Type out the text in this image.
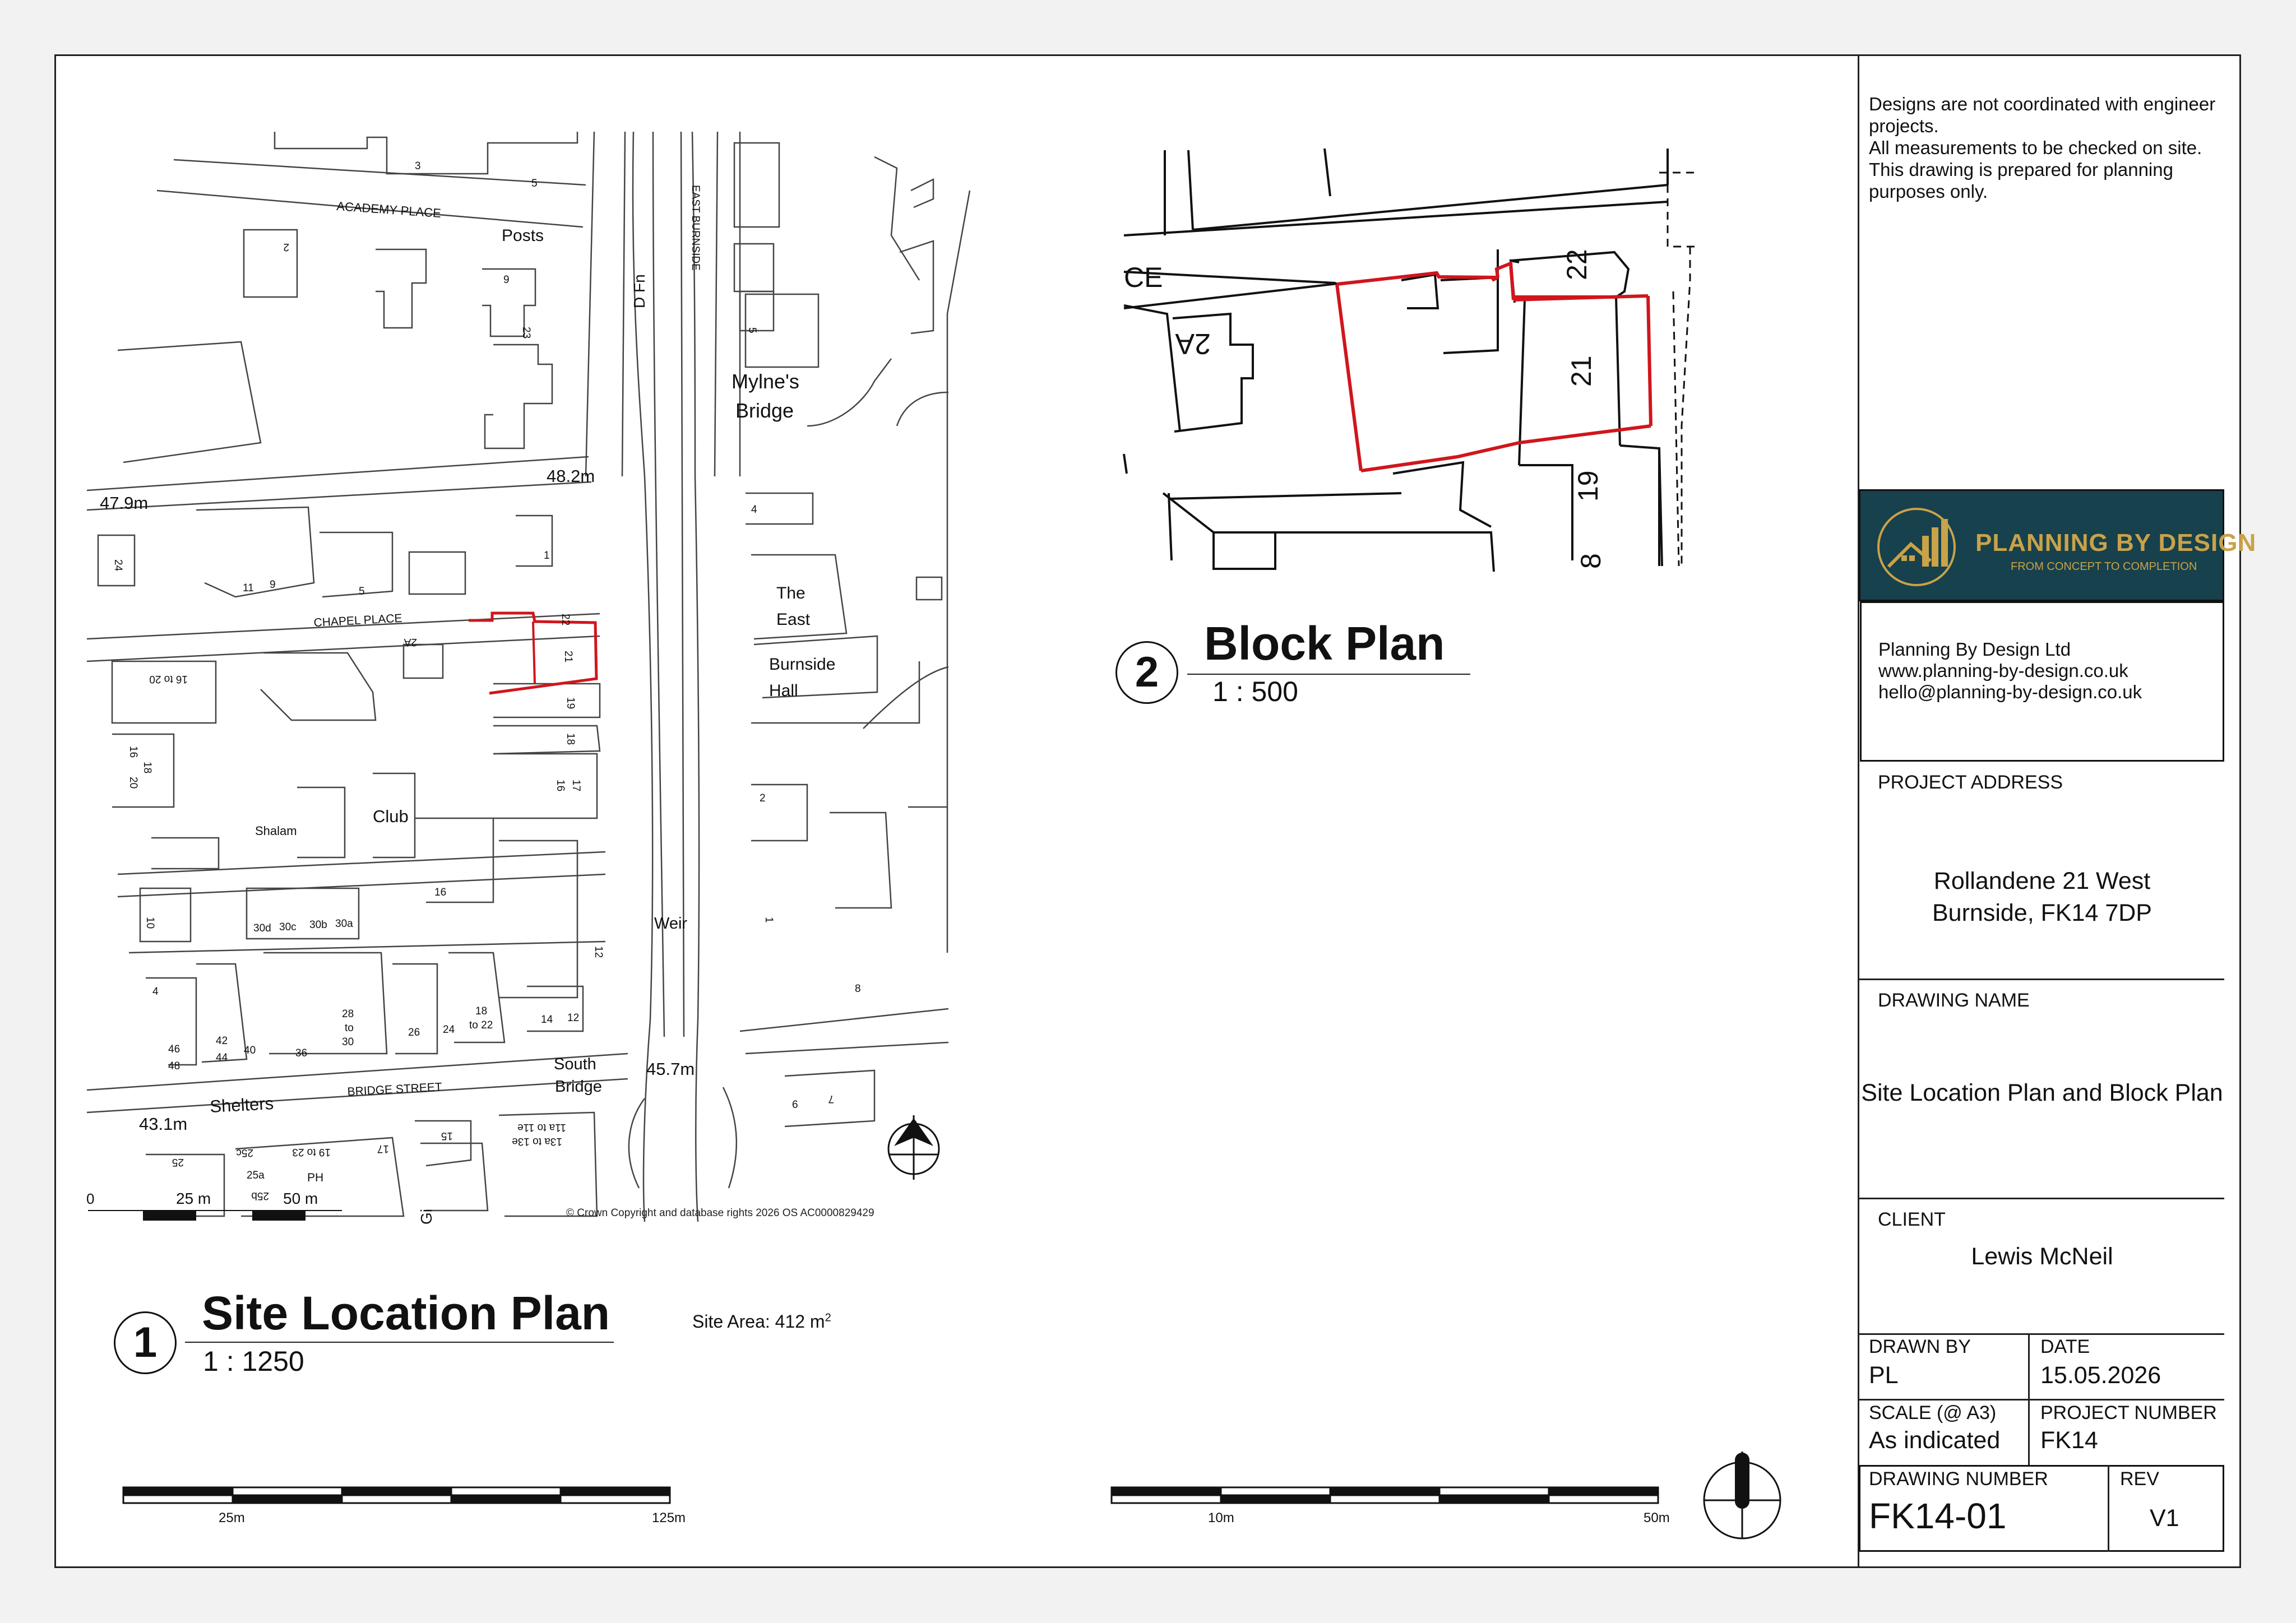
ACADEMY PLACE
Posts
D Fn
EAST BURNSIDE
Mylne's
Bridge
48.2m
47.9m
CHAPEL PLACE
The
East
Burnside
Hall
Club
Shalam
Weir
South
Bridge
45.7m
43.1m
Shelters
BRIDGE STREET
PH
Gi
3
5
2
9
23	5
24
11 9
5
1
4
22
16 to 20
2A
21
19
18
16 17
16
18
20
2
16
10	30d 30c 30b 30a	1
12
4
42
44
46
48
40	36
28
to
30
26 24
18
to 22	14 12
8
6
7
15	13a to 13e
11a to 11e
25
25a
25c
25b
19 to 23	17
0	25 m	50 m
© Crown Copyright and database rights 2026 OS AC0000829429
CE
2A
22
21
19
8
25m	125m	10m	50m
1
Site Location Plan
1 : 1250
Site Area: 412 $m^2$
2
Block Plan
1 : 500
Designs are not coordinated with engineer
projects.
All measurements to be checked on site.
This drawing is prepared for planning
purposes only.
PLANNING BY DESIGN
FROM CONCEPT TO COMPLETION
Planning By Design Ltd
www.planning-by-design.co.uk
hello@planning-by-design.co.uk
PROJECT ADDRESS
Rollandene 21 West
Burnside, FK14 7DP
DRAWING NAME
Site Location Plan and Block Plan
CLIENT
Lewis McNeil
DRAWN BY
PL
DATE
15.05.2026
SCALE (@ A3)
As indicated
PROJECT NUMBER
FK14
DRAWING NUMBER
FK14-01
REV
V1
